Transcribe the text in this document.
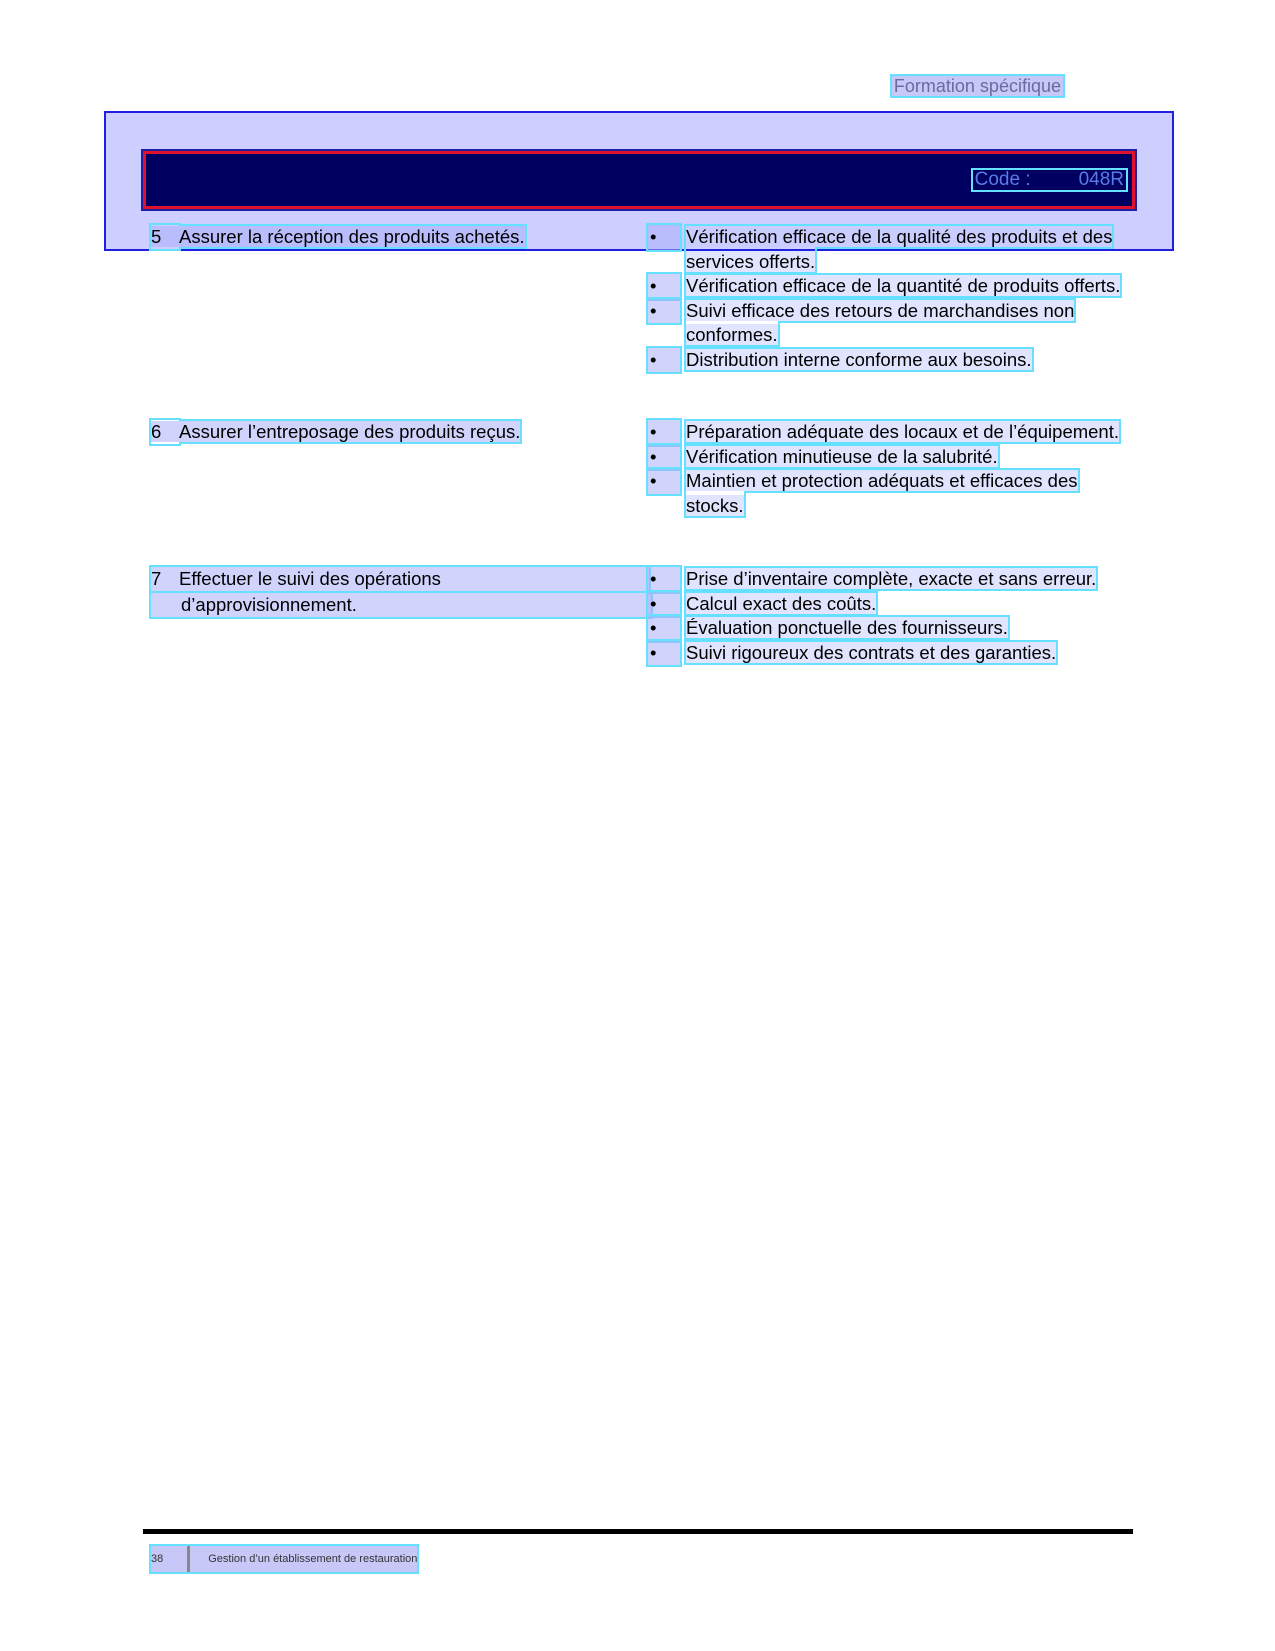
Formation spécifique
Code :	048R
5 Assurer la réception des produits achetés.	•	Vérification efficace de la qualité des produits et des services offerts.

•	Vérification efficace de la quantité de produits offerts.

•	Suivi efficace des retours de marchandises non conformes.

•	Distribution interne conforme aux besoins.

6 Assurer l’entreposage des produits reçus.	•	Préparation adéquate des locaux et de l’équipement.

•	Vérification minutieuse de la salubrité.

•	Maintien et protection adéquats et efficaces des stocks.

7 Effectuer le suivi des opérations
d’approvisionnement.

•	Prise d’inventaire complète, exacte et sans erreur.

•	Calcul exact des coûts.

•	Évaluation ponctuelle des fournisseurs.

•	Suivi rigoureux des contrats et des garanties.

38	Gestion d’un établissement de restauration
